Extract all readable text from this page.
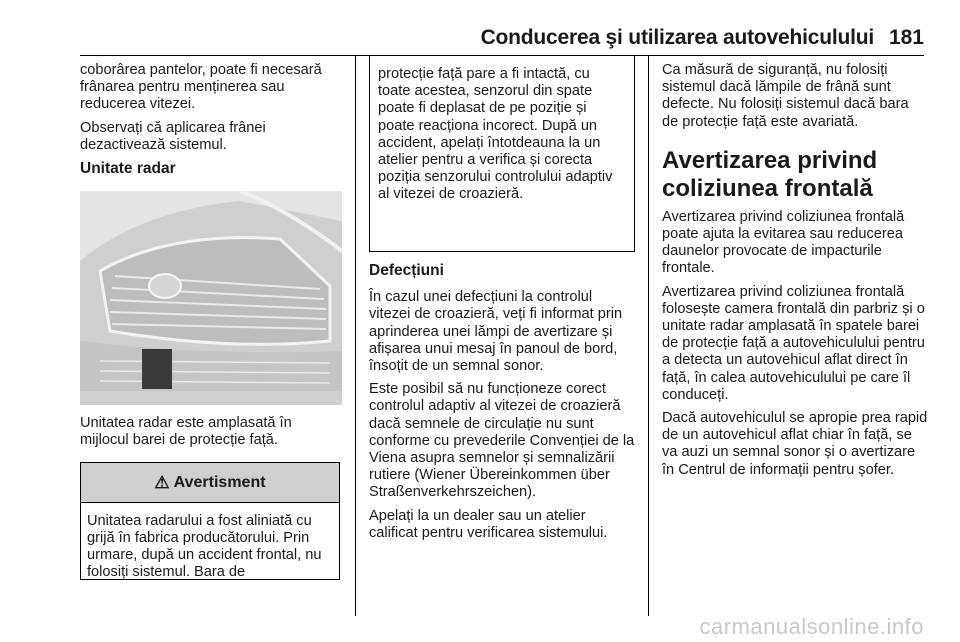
Conducerea şi utilizarea autovehiculului 181

coborârea pantelor, poate fi necesară frânarea pentru menținerea sau reducerea vitezei.

Observați că aplicarea frânei dezactivează sistemul.

Unitate radar

Unitatea radar este amplasată în mijlocul barei de protecție față.

⚠ Avertisment
Unitatea radarului a fost aliniată cu grijă în fabrica producătorului. Prin urmare, după un accident frontal, nu folosiți sistemul. Bara de
protecție față pare a fi intactă, cu toate acestea, senzorul din spate poate fi deplasat de pe poziție și poate reacționa incorect. După un accident, apelați întotdeauna la un atelier pentru a verifica și corecta poziția senzorului controlului adaptiv al vitezei de croazieră.
Defecțiuni

În cazul unei defecțiuni la controlul vitezei de croazieră, veți fi informat prin aprinderea unei lămpi de avertizare și afișarea unui mesaj în panoul de bord, însoțit de un semnal sonor.

Este posibil să nu funcționeze corect controlul adaptiv al vitezei de croazieră dacă semnele de circulație nu sunt conforme cu prevederile Convenției de la Viena asupra semnelor și semnalizării rutiere (Wiener Übereinkommen über Straßenverkehrszeichen).

Apelați la un dealer sau un atelier calificat pentru verificarea sistemului.

Ca măsură de siguranță, nu folosiți sistemul dacă lămpile de frână sunt defecte. Nu folosiți sistemul dacă bara de protecție față este avariată.

Avertizarea privind coliziunea frontală

Avertizarea privind coliziunea frontală poate ajuta la evitarea sau reducerea daunelor provocate de impacturile frontale.

Avertizarea privind coliziunea frontală folosește camera frontală din parbriz și o unitate radar amplasată în spatele barei de protecție față a autovehiculului pentru a detecta un autovehicul aflat direct în față, în calea autovehiculului pe care îl conduceți.

Dacă autovehiculul se apropie prea rapid de un autovehicul aflat chiar în față, se va auzi un semnal sonor și o avertizare în Centrul de informații pentru șofer.

carmanualsonline.info
